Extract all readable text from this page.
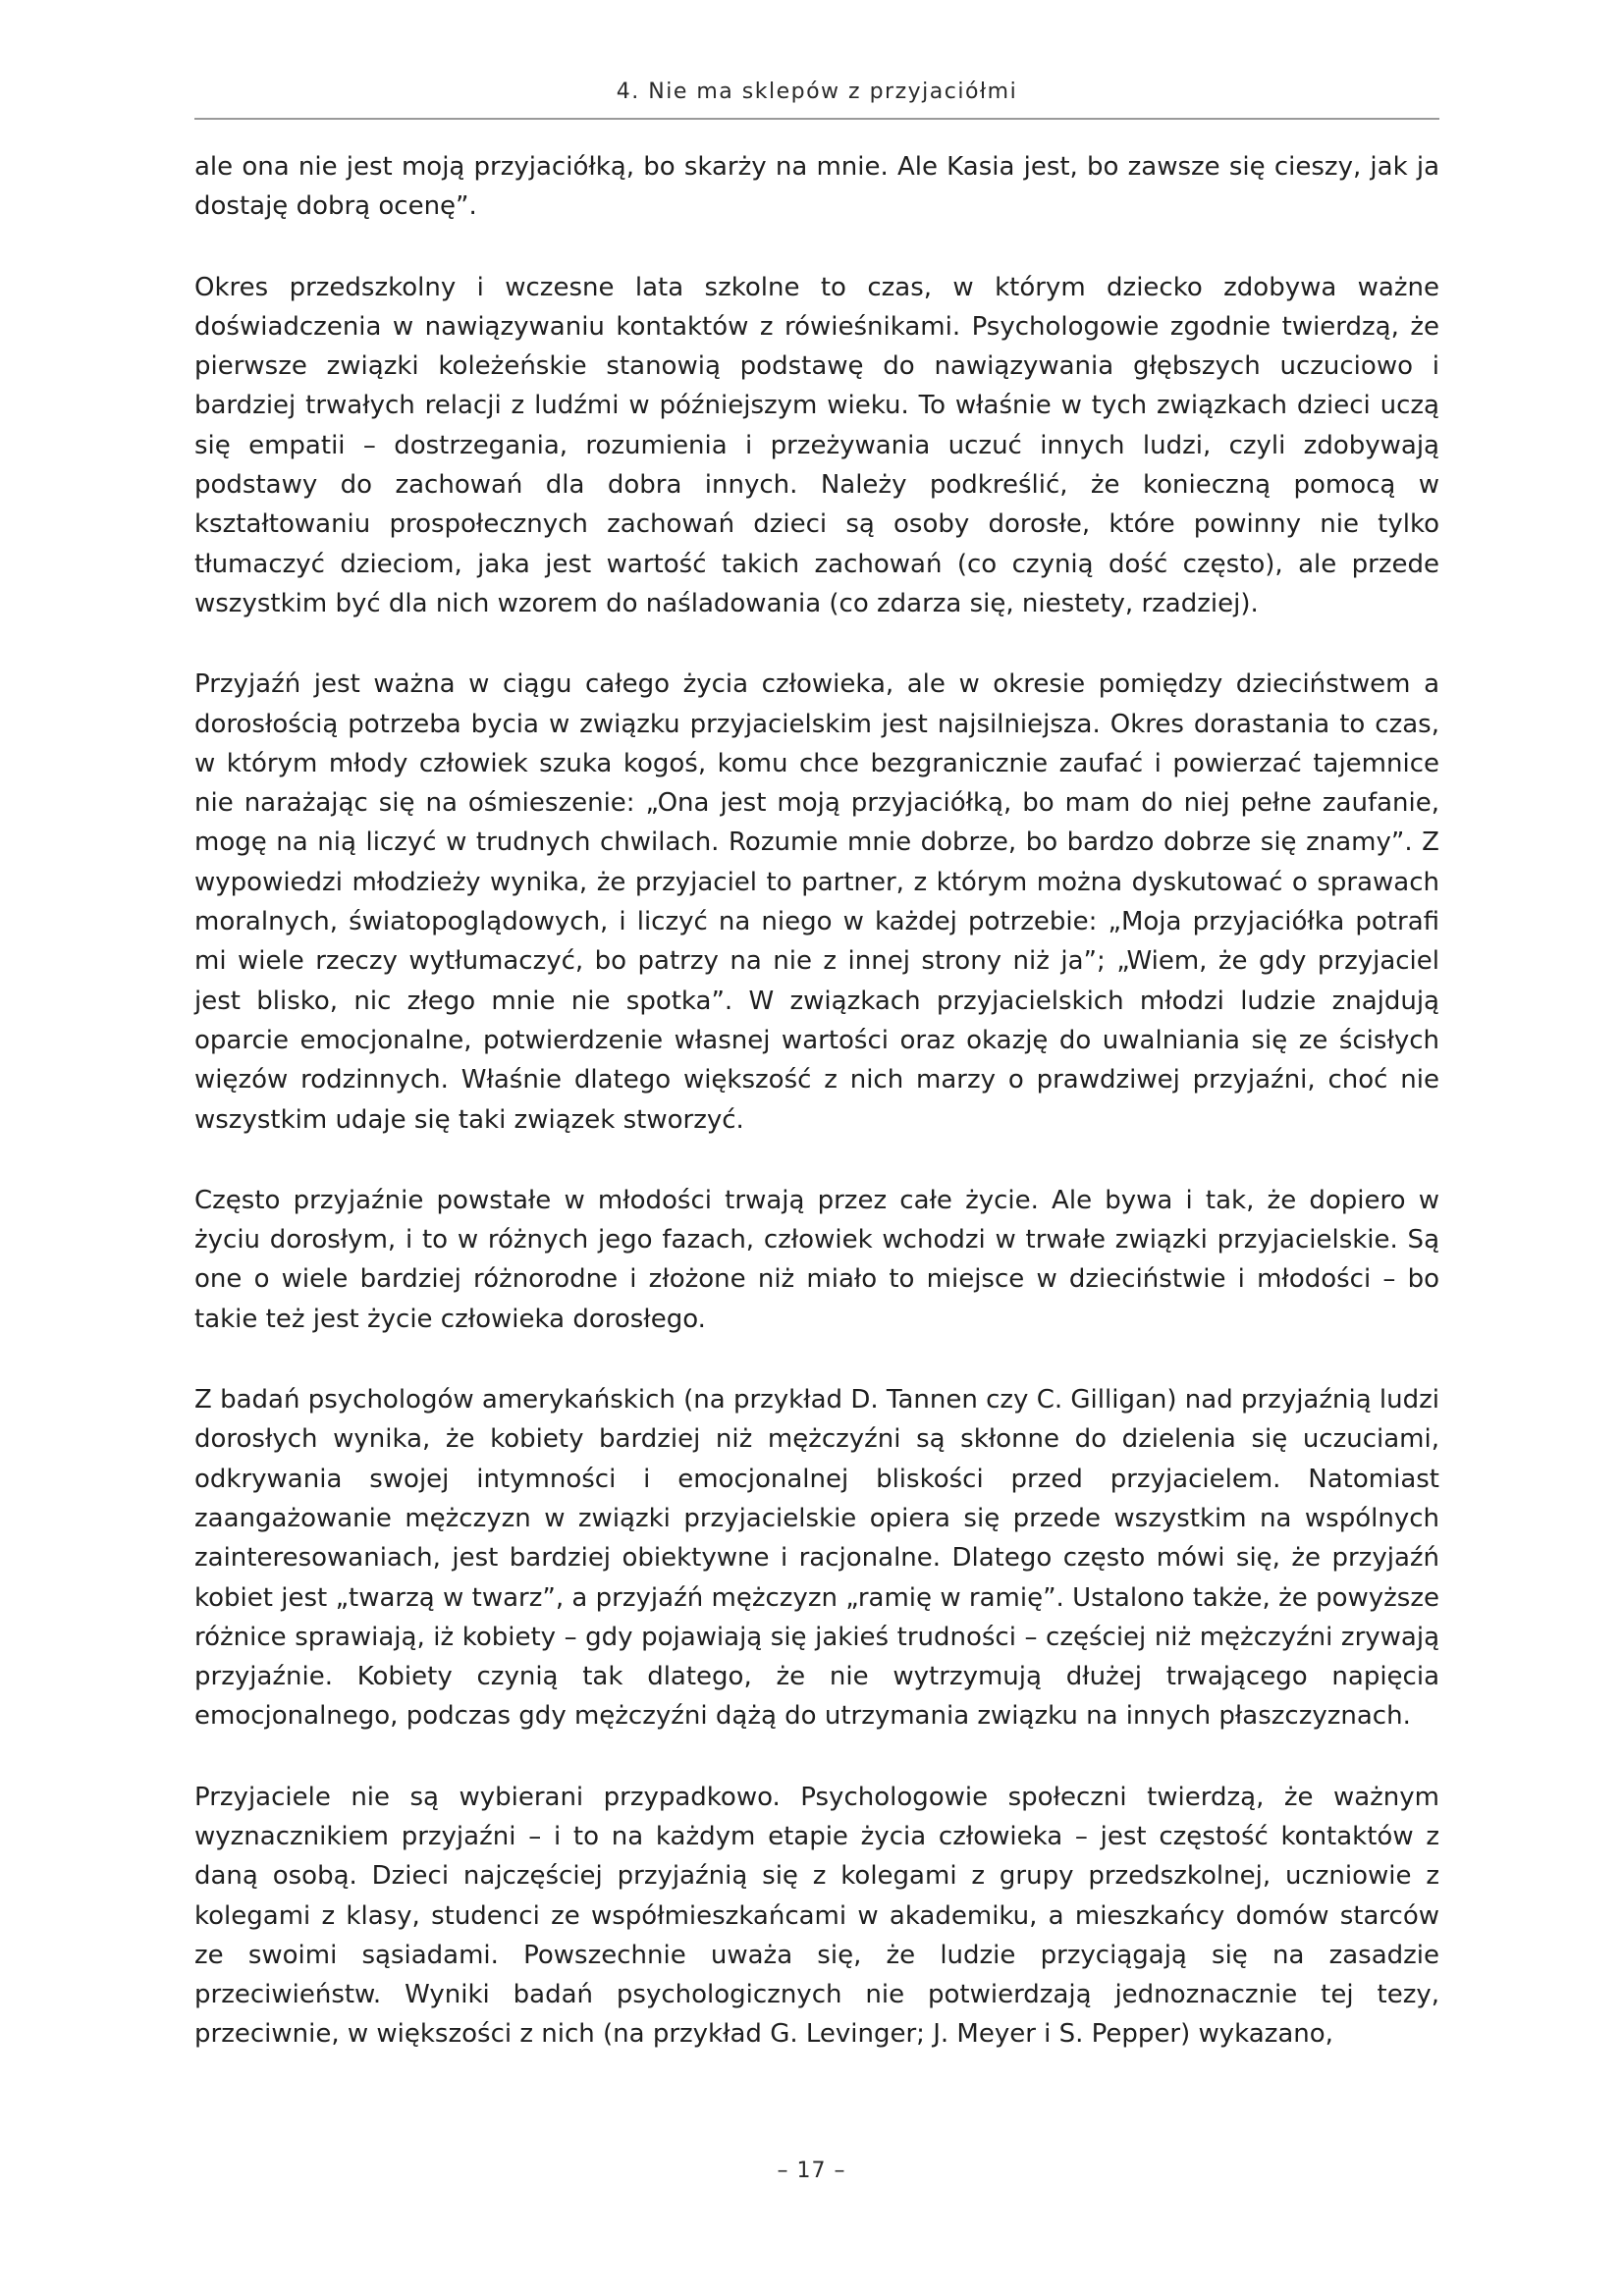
4. Nie ma sklepów z przyjaciółmi

ale ona nie jest moją przyjaciółką, bo skarży na mnie. Ale Kasia jest, bo zawsze się cieszy, jak ja dostaję dobrą ocenę”.

Okres przedszkolny i wczesne lata szkolne to czas, w którym dziecko zdobywa ważne doświadczenia w nawiązywaniu kontaktów z rówieśnikami. Psychologowie zgodnie twierdzą, że pierwsze związki koleżeńskie stanowią podstawę do nawiązywania głębszych uczuciowo i bardziej trwałych relacji z ludźmi w późniejszym wieku. To właśnie w tych związkach dzieci uczą się empatii – dostrzegania, rozumienia i przeżywania uczuć innych ludzi, czyli zdobywają podstawy do zachowań dla dobra innych. Należy podkreślić, że konieczną pomocą w kształtowaniu prospołecznych zachowań dzieci są osoby dorosłe, które powinny nie tylko tłumaczyć dzieciom, jaka jest wartość takich zachowań (co czynią dość często), ale przede wszystkim być dla nich wzorem do naśladowania (co zdarza się, niestety, rzadziej).

Przyjaźń jest ważna w ciągu całego życia człowieka, ale w okresie pomiędzy dzieciństwem a dorosłością potrzeba bycia w związku przyjacielskim jest najsilniejsza. Okres dorastania to czas, w którym młody człowiek szuka kogoś, komu chce bezgranicznie zaufać i powierzać tajemnice nie narażając się na ośmieszenie: „Ona jest moją przyjaciółką, bo mam do niej pełne zaufanie, mogę na nią liczyć w trudnych chwilach. Rozumie mnie dobrze, bo bardzo dobrze się znamy”. Z wypowiedzi młodzieży wynika, że przyjaciel to partner, z którym można dyskutować o sprawach moralnych, światopoglądowych, i liczyć na niego w każdej potrzebie: „Moja przyjaciółka potrafi mi wiele rzeczy wytłumaczyć, bo patrzy na nie z innej strony niż ja”; „Wiem, że gdy przyjaciel jest blisko, nic złego mnie nie spotka”. W związkach przyjacielskich młodzi ludzie znajdują oparcie emocjonalne, potwierdzenie własnej wartości oraz okazję do uwalniania się ze ścisłych więzów rodzinnych. Właśnie dlatego większość z nich marzy o prawdziwej przyjaźni, choć nie wszystkim udaje się taki związek stworzyć.

Często przyjaźnie powstałe w młodości trwają przez całe życie. Ale bywa i tak, że dopiero w życiu dorosłym, i to w różnych jego fazach, człowiek wchodzi w trwałe związki przyjacielskie. Są one o wiele bardziej różnorodne i złożone niż miało to miejsce w dzieciństwie i młodości – bo takie też jest życie człowieka dorosłego.

Z badań psychologów amerykańskich (na przykład D. Tannen czy C. Gilligan) nad przyjaźnią ludzi dorosłych wynika, że kobiety bardziej niż mężczyźni są skłonne do dzielenia się uczuciami, odkrywania swojej intymności i emocjonalnej bliskości przed przyjacielem. Natomiast zaangażowanie mężczyzn w związki przyjacielskie opiera się przede wszystkim na wspólnych zainteresowaniach, jest bardziej obiektywne i racjonalne. Dlatego często mówi się, że przyjaźń kobiet jest „twarzą w twarz”, a przyjaźń mężczyzn „ramię w ramię”. Ustalono także, że powyższe różnice sprawiają, iż kobiety – gdy pojawiają się jakieś trudności – częściej niż mężczyźni zrywają przyjaźnie. Kobiety czynią tak dlatego, że nie wytrzymują dłużej trwającego napięcia emocjonalnego, podczas gdy mężczyźni dążą do utrzymania związku na innych płaszczyznach.

Przyjaciele nie są wybierani przypadkowo. Psychologowie społeczni twierdzą, że ważnym wyznacznikiem przyjaźni – i to na każdym etapie życia człowieka – jest częstość kontaktów z daną osobą. Dzieci najczęściej przyjaźnią się z kolegami z grupy przedszkolnej, uczniowie z kolegami z klasy, studenci ze współmieszkańcami w akademiku, a mieszkańcy domów starców ze swoimi sąsiadami. Powszechnie uważa się, że ludzie przyciągają się na zasadzie przeciwieństw. Wyniki badań psychologicznych nie potwierdzają jednoznacznie tej tezy, przeciwnie, w większości z nich (na przykład G. Levinger; J. Meyer i S. Pepper) wykazano,

– 17 –
